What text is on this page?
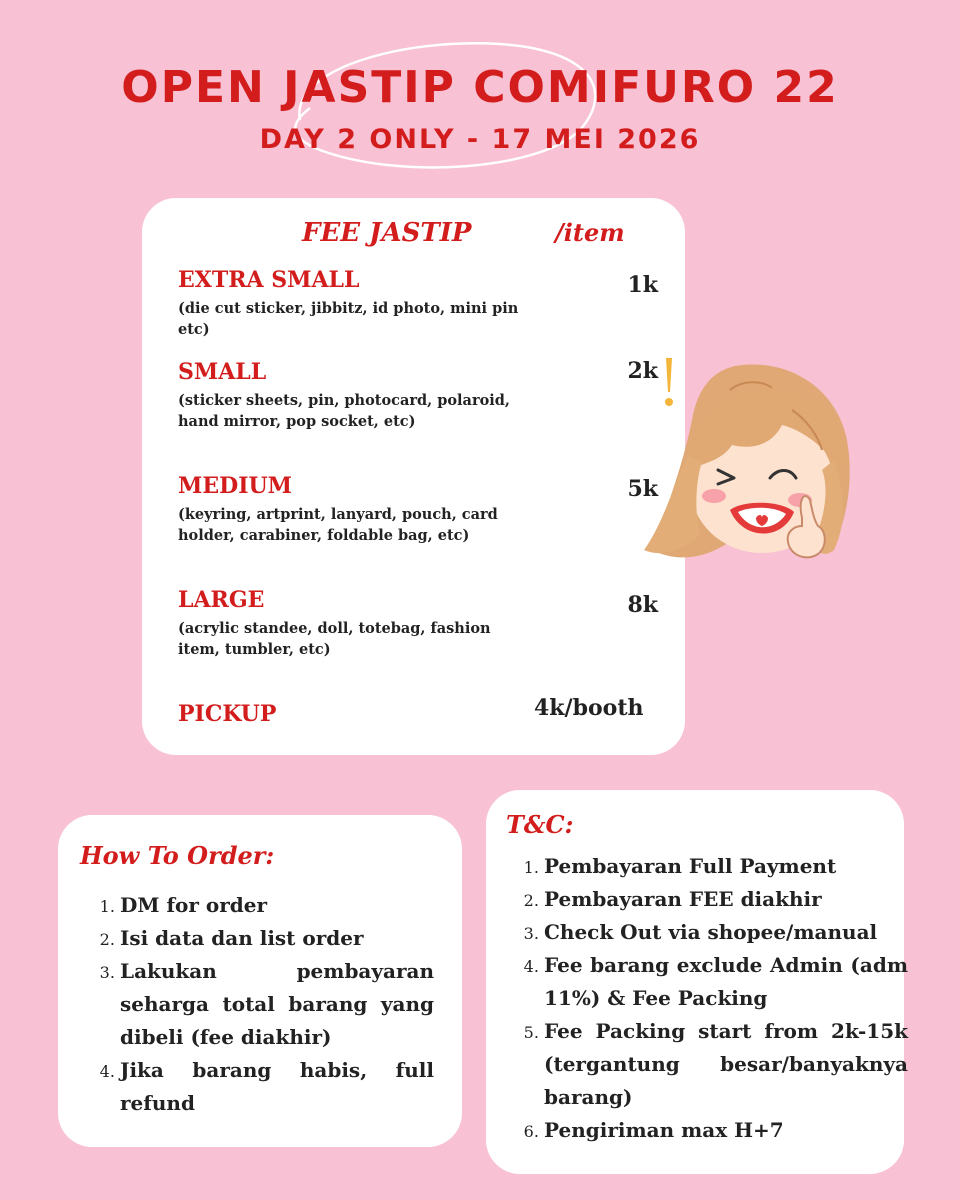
OPEN JASTIP COMIFURO 22
DAY 2 ONLY - 17 MEI 2026
FEE JASTIP	/item
EXTRA SMALL
(die cut sticker, jibbitz, id photo, mini pin etc)
1k
SMALL
(sticker sheets, pin, photocard, polaroid, hand mirror, pop socket, etc)
2k
MEDIUM
(keyring, artprint, lanyard, pouch, card holder, carabiner, foldable bag, etc)
5k
LARGE
(acrylic standee, doll, totebag, fashion item, tumbler, etc)
8k
PICKUP	4k/booth
How To Order:
1. DM for order
2. Isi data dan list order
3. Lakukan pembayaran seharga total barang yang dibeli (fee diakhir)
4. Jika barang habis, full refund
T&C:
1. Pembayaran Full Payment
2. Pembayaran FEE diakhir
3. Check Out via shopee/manual
4. Fee barang exclude Admin (adm 11%) & Fee Packing
5. Fee Packing start from 2k-15k (tergantung besar/banyaknya barang)
6. Pengiriman max H+7
